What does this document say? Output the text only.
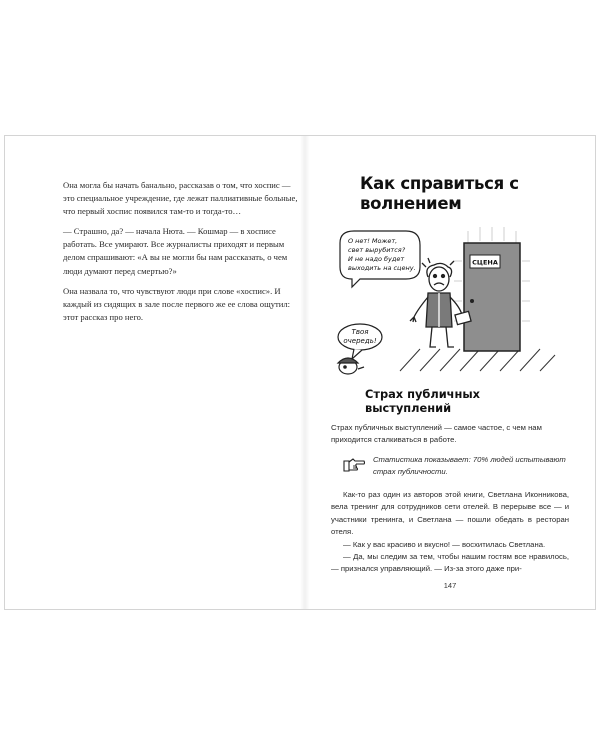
Она могла бы начать банально, рассказав о том, что хоспис — это специальное учреждение, где лежат паллиативные больные, что первый хоспис появился там-то и тогда-то…

— Страшно, да? — начала Нюта. — Кошмар — в хосписе работать. Все умирают. Все журналисты приходят и первым делом спрашивают: «А вы не могли бы нам рассказать, о чем люди думают перед смертью?»

Она назвала то, что чувствуют люди при слове «хоспис». И каждый из сидящих в зале после первого же ее слова ощутил: этот рассказ про него.

Как справиться с волнением
СЦЕНА
О нет! Может,
свет вырубится?
И не надо будет
выходить на сцену.
Твоя
очередь!
Страх публичных выступлений

Страх публичных выступлений — самое частое, с чем нам приходится сталкиваться в работе.

Статистика показывает: 70% людей испытывают страх публичности.

Как-то раз один из авторов этой книги, Светлана Иконникова, вела тренинг для сотрудников сети отелей. В перерыве все — и участники тренинга, и Светлана — пошли обедать в ресторан отеля.

— Как у вас красиво и вкусно! — восхитилась Светлана.

— Да, мы следим за тем, чтобы нашим гостям все нравилось, — признался управляющий. — Из-за этого даже при-

147
